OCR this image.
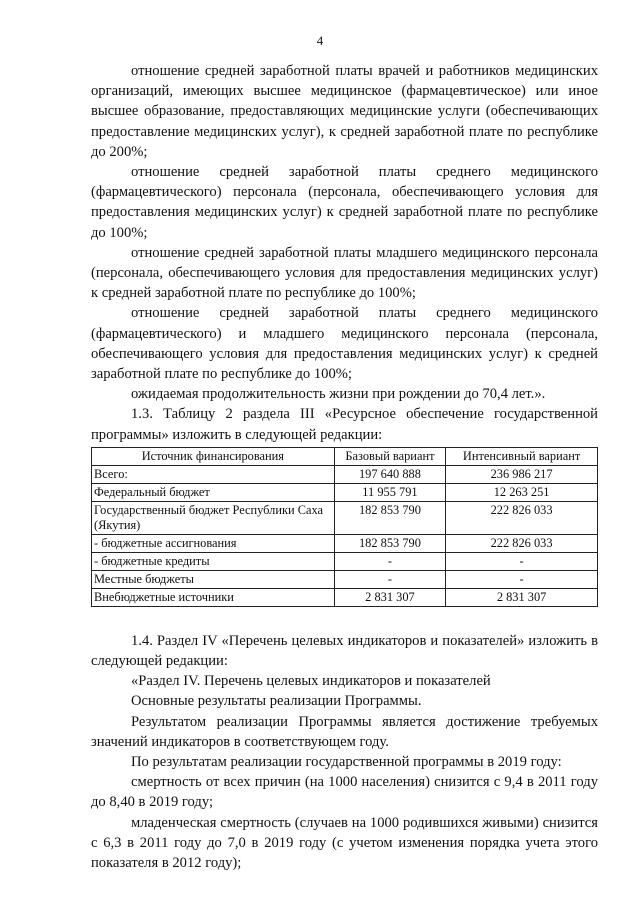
4

отношение средней заработной платы врачей и работников медицинских организаций, имеющих высшее медицинское (фармацевтическое) или иное высшее образование, предоставляющих медицинские услуги (обеспечивающих предоставление медицинских услуг), к средней заработной плате по республике до 200%;

отношение средней заработной платы среднего медицинского (фармацевтического) персонала (персонала, обеспечивающего условия для предоставления медицинских услуг) к средней заработной плате по республике до 100%;

отношение средней заработной платы младшего медицинского персонала (персонала, обеспечивающего условия для предоставления медицинских услуг) к средней заработной плате по республике до 100%;

отношение средней заработной платы среднего медицинского (фармацевтического) и младшего медицинского персонала (персонала, обеспечивающего условия для предоставления медицинских услуг) к средней заработной плате по республике до 100%;

ожидаемая продолжительность жизни при рождении до 70,4 лет.».

1.3. Таблицу 2 раздела III «Ресурсное обеспечение государственной программы» изложить в следующей редакции:

Источник финансирования	Базовый вариант	Интенсивный вариант
Всего:	197 640 888	236 986 217
Федеральный бюджет	11 955 791	12 263 251
Государственный бюджет Республики Саха (Якутия)	182 853 790	222 826 033
- бюджетные ассигнования	182 853 790	222 826 033
- бюджетные кредиты	-	-
Местные бюджеты	-	-
Внебюджетные источники	2 831 307	2 831 307

1.4. Раздел IV «Перечень целевых индикаторов и показателей» изложить в следующей редакции:

«Раздел IV. Перечень целевых индикаторов и показателей

Основные результаты реализации Программы.

Результатом реализации Программы является достижение требуемых значений индикаторов в соответствующем году.

По результатам реализации государственной программы в 2019 году:

смертность от всех причин (на 1000 населения) снизится с 9,4 в 2011 году до 8,40 в 2019 году;

младенческая смертность (случаев на 1000 родившихся живыми) снизится с 6,3 в 2011 году до 7,0 в 2019 году (с учетом изменения порядка учета этого показателя в 2012 году);
